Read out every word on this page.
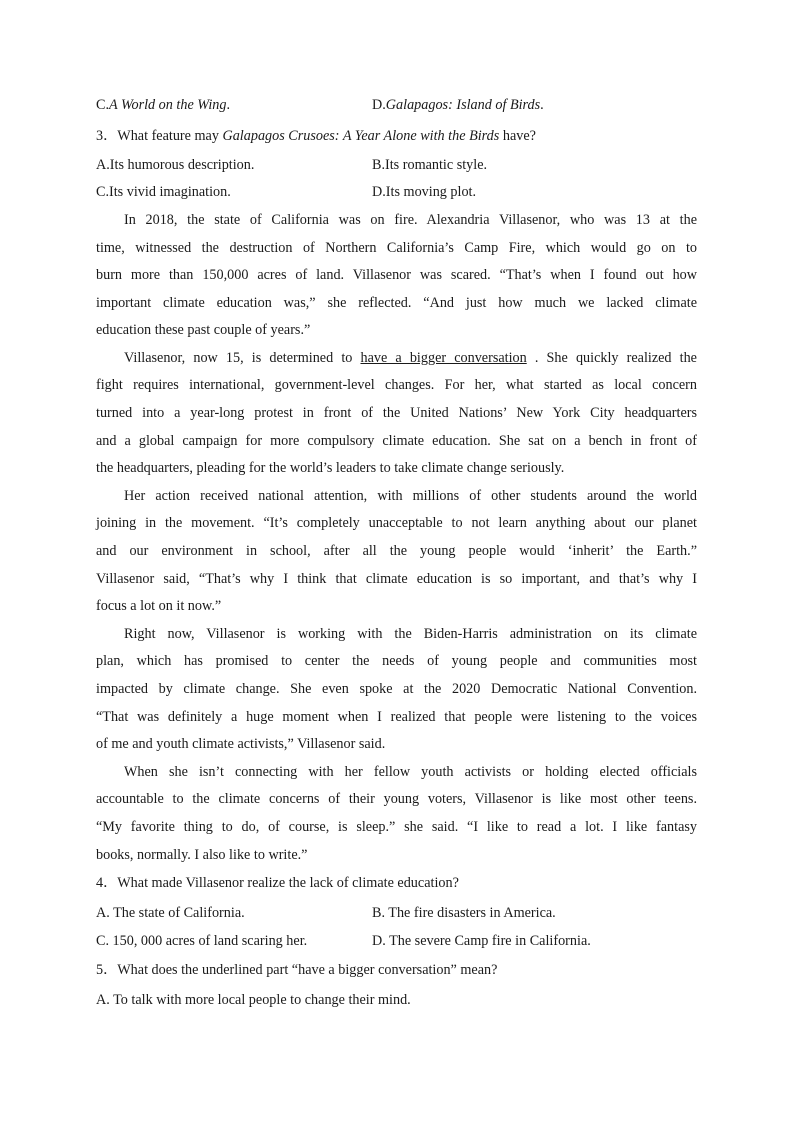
C.A World on the Wing.	D.Galapagos: Island of Birds.
3．What feature may Galapagos Crusoes: A Year Alone with the Birds have?
A.Its humorous description.	B.Its romantic style.
C.Its vivid imagination.	D.Its moving plot.
In 2018, the state of California was on fire. Alexandria Villasenor, who was 13 at the
time, witnessed the destruction of Northern California’s Camp Fire, which would go on to
burn more than 150,000 acres of land. Villasenor was scared. “That’s when I found out how
important climate education was,” she reflected. “And just how much we lacked climate
education these past couple of years.”
Villasenor, now 15, is determined to have a bigger conversation . She quickly realized the
fight requires international, government-level changes. For her, what started as local concern
turned into a year-long protest in front of the United Nations’ New York City headquarters
and a global campaign for more compulsory climate education. She sat on a bench in front of
the headquarters, pleading for the world’s leaders to take climate change seriously.
Her action received national attention, with millions of other students around the world
joining in the movement. “It’s completely unacceptable to not learn anything about our planet
and our environment in school, after all the young people would ‘inherit’ the Earth.”
Villasenor said, “That’s why I think that climate education is so important, and that’s why I
focus a lot on it now.”
Right now, Villasenor is working with the Biden-Harris administration on its climate
plan, which has promised to center the needs of young people and communities most
impacted by climate change. She even spoke at the 2020 Democratic National Convention.
“That was definitely a huge moment when I realized that people were listening to the voices
of me and youth climate activists,” Villasenor said.
When she isn’t connecting with her fellow youth activists or holding elected officials
accountable to the climate concerns of their young voters, Villasenor is like most other teens.
“My favorite thing to do, of course, is sleep.” she said. “I like to read a lot. I like fantasy
books, normally. I also like to write.”
4．What made Villasenor realize the lack of climate education?
A. The state of California.	B. The fire disasters in America.
C. 150, 000 acres of land scaring her.	D. The severe Camp fire in California.
5．What does the underlined part “have a bigger conversation” mean?
A. To talk with more local people to change their mind.
